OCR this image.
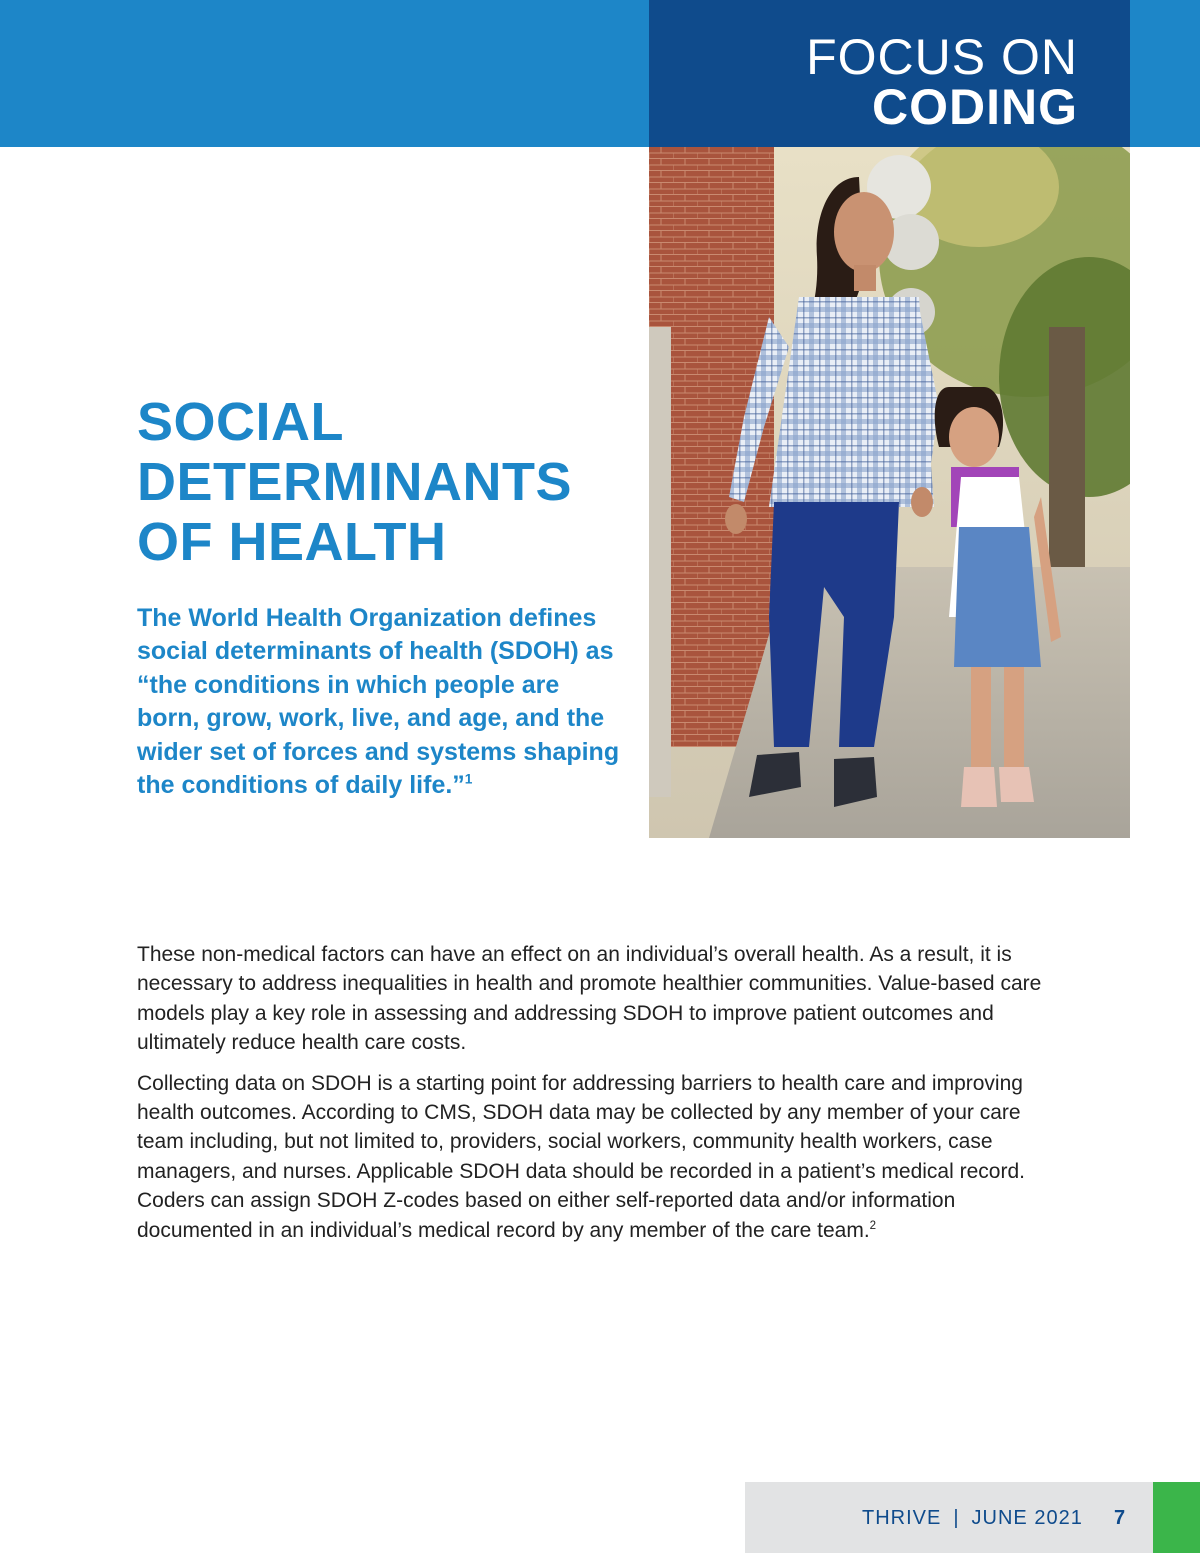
FOCUS ON
CODING
SOCIAL
DETERMINANTS
OF HEALTH

The World Health Organization defines social determinants of health (SDOH) as “the conditions in which people are born, grow, work, live, and age, and the wider set of forces and systems shaping the conditions of daily life.”$^1$

These non-medical factors can have an effect on an individual’s overall health. As a result, it is necessary to address inequalities in health and promote healthier communities. Value-based care models play a key role in assessing and addressing SDOH to improve patient outcomes and ultimately reduce health care costs.

Collecting data on SDOH is a starting point for addressing barriers to health care and improving health outcomes. According to CMS, SDOH data may be collected by any member of your care team including, but not limited to, providers, social workers, community health workers, case managers, and nurses. Applicable SDOH data should be recorded in a patient’s medical record. Coders can assign SDOH Z-codes based on either self-reported data and/or information documented in an individual’s medical record by any member of the care team.$^2$

THRIVE | JUNE 2021 7
